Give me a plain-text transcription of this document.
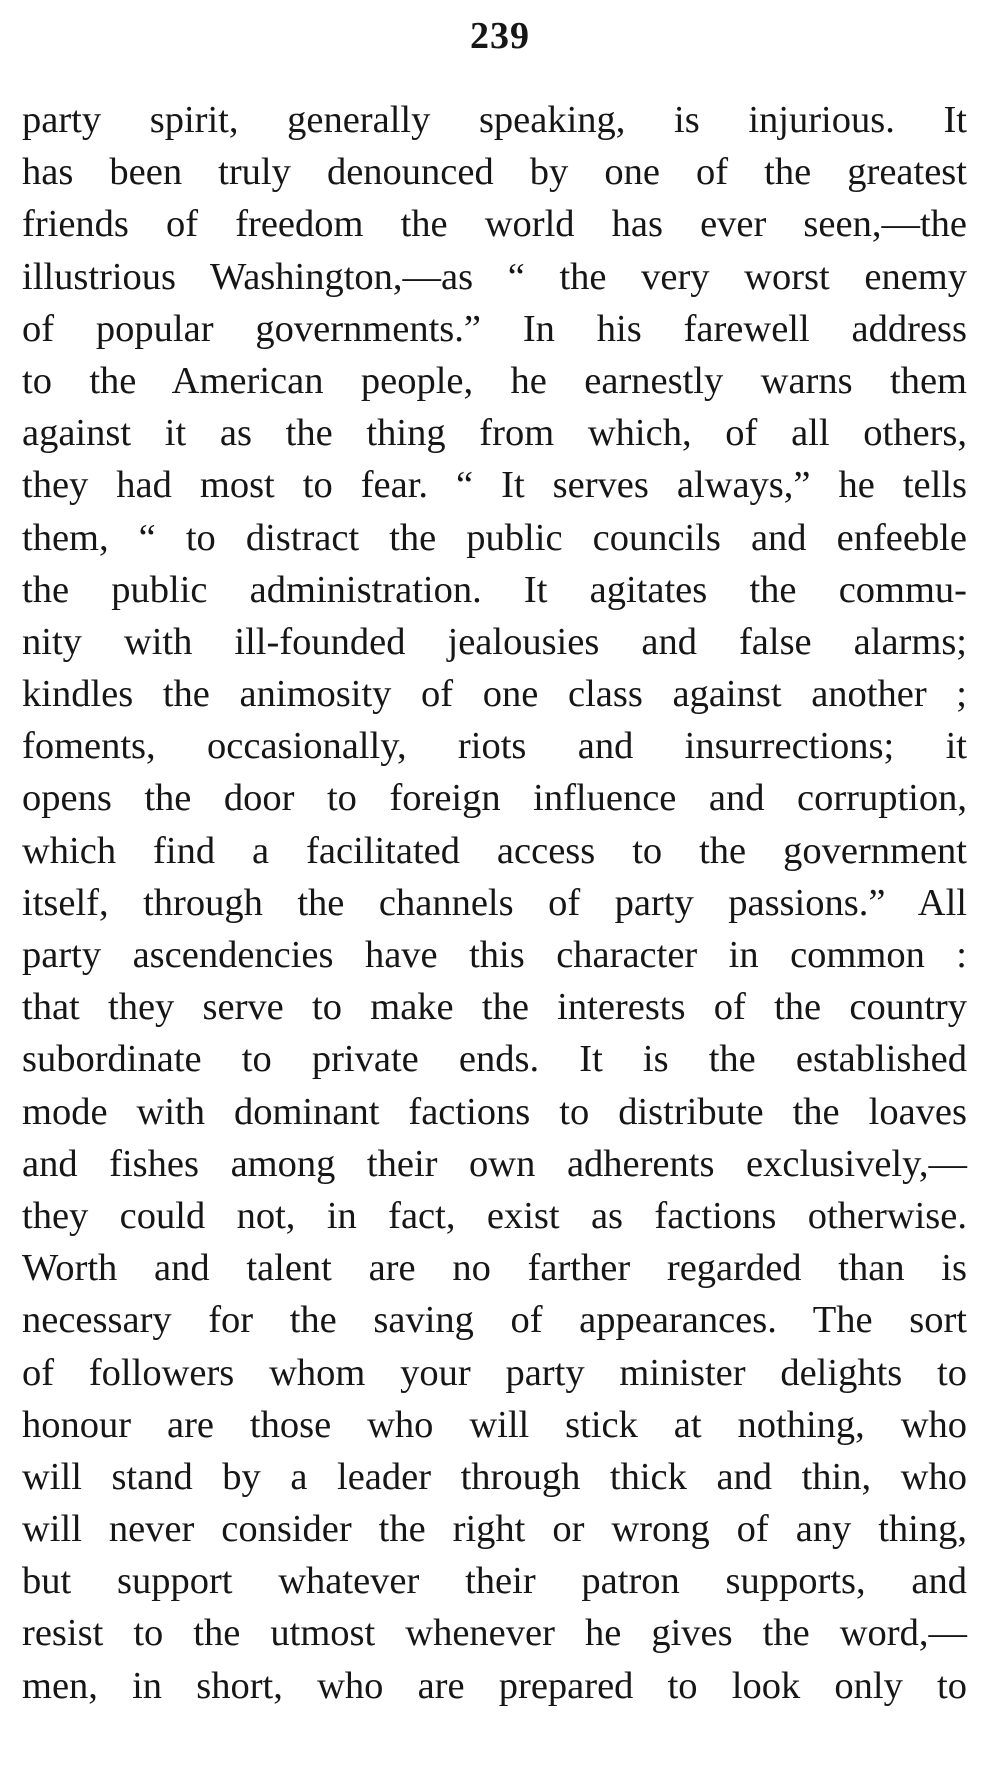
239
party spirit, generally speaking, is injurious. It
has been truly denounced by one of the greatest
friends of freedom the world has ever seen,—the
illustrious Washington,—as “ the very worst enemy
of popular governments.” In his farewell address
to the American people, he earnestly warns them
against it as the thing from which, of all others,
they had most to fear. “ It serves always,” he tells
them, “ to distract the public councils and enfeeble
the public administration. It agitates the commu-
nity with ill-founded jealousies and false alarms;
kindles the animosity of one class against another ;
foments, occasionally, riots and insurrections; it
opens the door to foreign influence and corruption,
which find a facilitated access to the government
itself, through the channels of party passions.” All
party ascendencies have this character in common :
that they serve to make the interests of the country
subordinate to private ends. It is the established
mode with dominant factions to distribute the loaves
and fishes among their own adherents exclusively,—
they could not, in fact, exist as factions otherwise.
Worth and talent are no farther regarded than is
necessary for the saving of appearances. The sort
of followers whom your party minister delights to
honour are those who will stick at nothing, who
will stand by a leader through thick and thin, who
will never consider the right or wrong of any thing,
but support whatever their patron supports, and
resist to the utmost whenever he gives the word,—
men, in short, who are prepared to look only to
